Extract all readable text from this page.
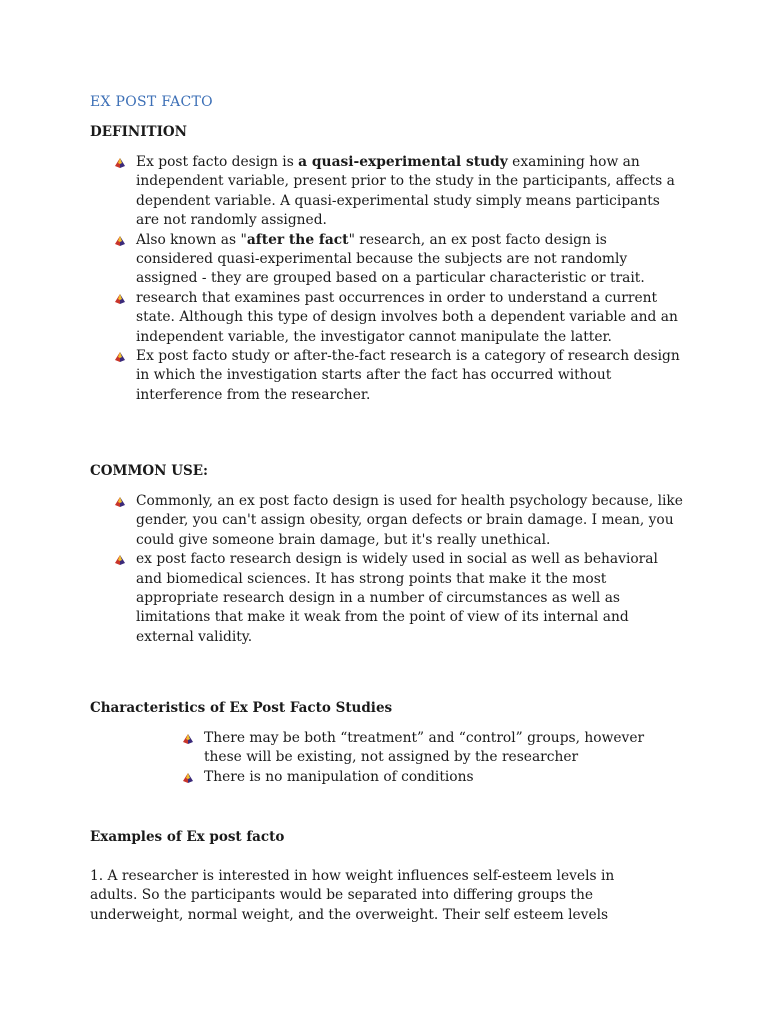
EX POST FACTO
DEFINITION
Ex post facto design is a quasi-experimental study examining how an independent variable, present prior to the study in the participants, affects a dependent variable. A quasi-experimental study simply means participants are not randomly assigned.
Also known as "after the fact" research, an ex post facto design is considered quasi-experimental because the subjects are not randomly assigned - they are grouped based on a particular characteristic or trait.
research that examines past occurrences in order to understand a current state. Although this type of design involves both a dependent variable and an independent variable, the investigator cannot manipulate the latter.
Ex post facto study or after-the-fact research is a category of research design in which the investigation starts after the fact has occurred without interference from the researcher.
COMMON USE:
Commonly, an ex post facto design is used for health psychology because, like gender, you can't assign obesity, organ defects or brain damage. I mean, you could give someone brain damage, but it's really unethical.
ex post facto research design is widely used in social as well as behavioral and biomedical sciences. It has strong points that make it the most appropriate research design in a number of circumstances as well as limitations that make it weak from the point of view of its internal and external validity.
Characteristics of Ex Post Facto Studies
There may be both “treatment” and “control” groups, however these will be existing, not assigned by the researcher
There is no manipulation of conditions
Examples of Ex post facto
1. A researcher is interested in how weight influences self-esteem levels in adults. So the participants would be separated into differing groups the underweight, normal weight, and the overweight. Their self esteem levels
